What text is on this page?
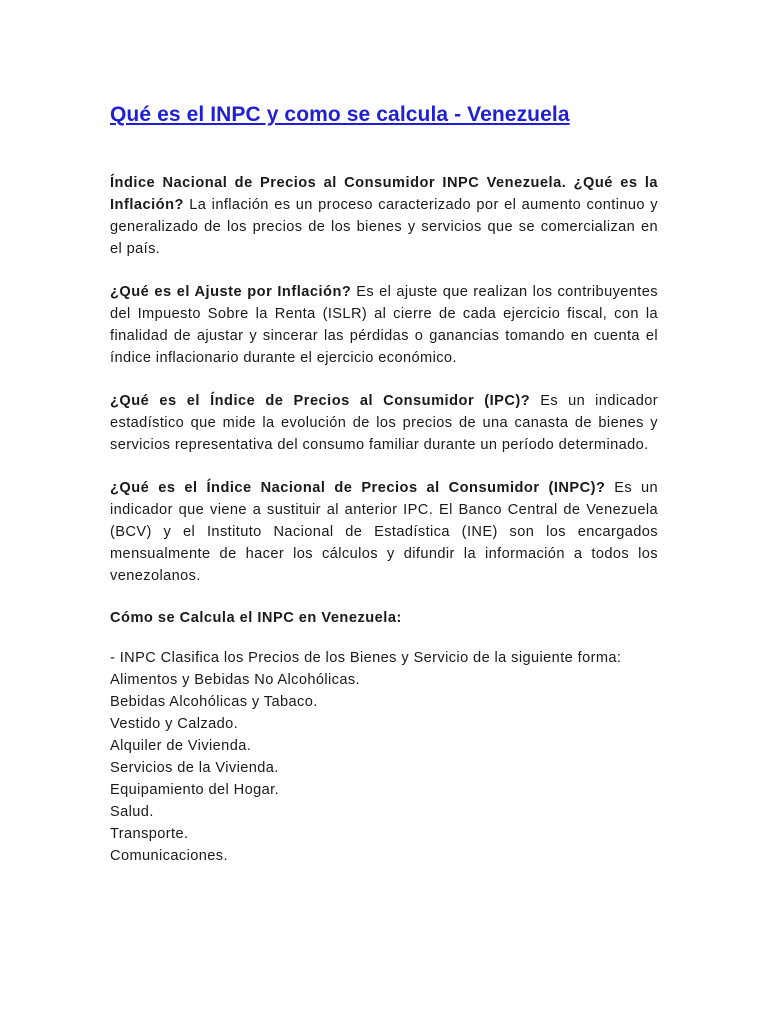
Qué es el INPC y como se calcula - Venezuela

Índice Nacional de Precios al Consumidor INPC Venezuela. ¿Qué es la Inflación? La inflación es un proceso caracterizado por el aumento continuo y generalizado de los precios de los bienes y servicios que se comercializan en el país.

¿Qué es el Ajuste por Inflación? Es el ajuste que realizan los contribuyentes del Impuesto Sobre la Renta (ISLR) al cierre de cada ejercicio fiscal, con la finalidad de ajustar y sincerar las pérdidas o ganancias tomando en cuenta el índice inflacionario durante el ejercicio económico.

¿Qué es el Índice de Precios al Consumidor (IPC)? Es un indicador estadístico que mide la evolución de los precios de una canasta de bienes y servicios representativa del consumo familiar durante un período determinado.

¿Qué es el Índice Nacional de Precios al Consumidor (INPC)? Es un indicador que viene a sustituir al anterior IPC. El Banco Central de Venezuela (BCV) y el Instituto Nacional de Estadística (INE) son los encargados mensualmente de hacer los cálculos y difundir la información a todos los venezolanos.

Cómo se Calcula el INPC en Venezuela:

- INPC Clasifica los Precios de los Bienes y Servicio de la siguiente forma:

Alimentos y Bebidas No Alcohólicas.
Bebidas Alcohólicas y Tabaco.
Vestido y Calzado.
Alquiler de Vivienda.
Servicios de la Vivienda.
Equipamiento del Hogar.
Salud.
Transporte.
Comunicaciones.
